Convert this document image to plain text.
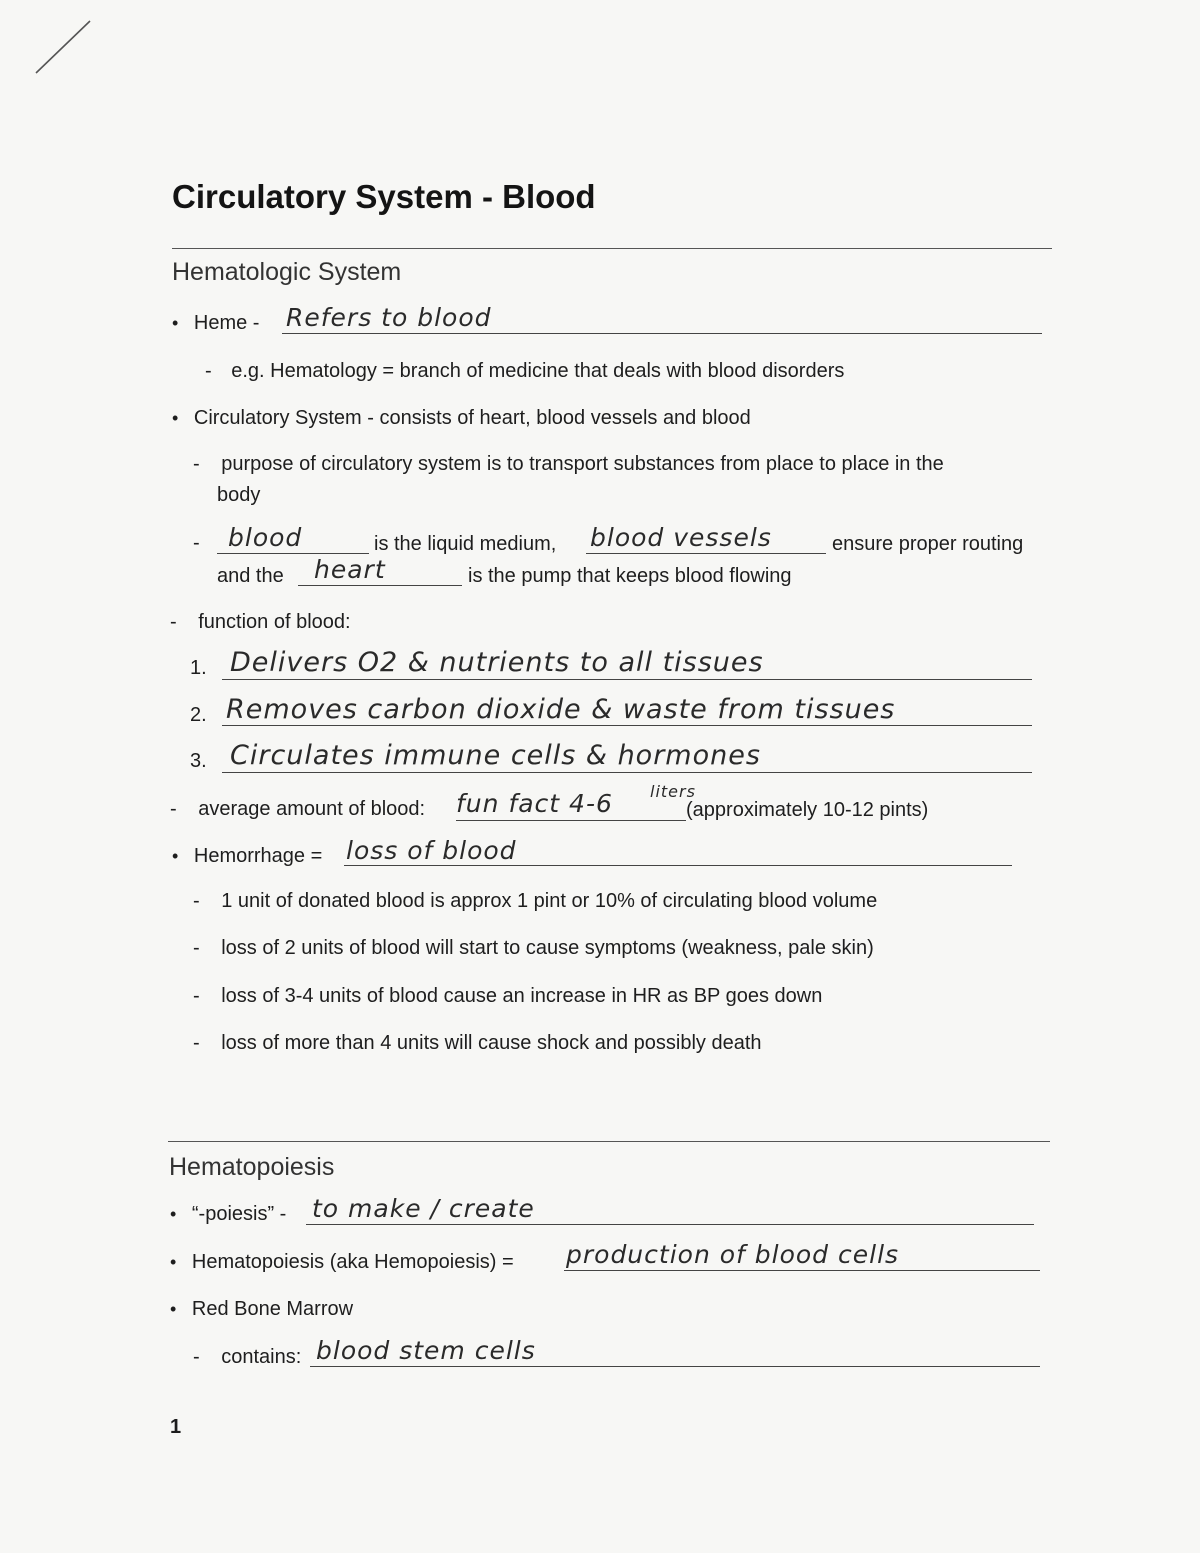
Circulatory System - Blood
Hematologic System
• Heme - Refers to blood
- e.g. Hematology = branch of medicine that deals with blood disorders
• Circulatory System - consists of heart, blood vessels and blood
- purpose of circulatory system is to transport substances from place to place in the
body
- blood	is the liquid medium, blood vessels	ensure proper routing
and the heart	is the pump that keeps blood flowing
- function of blood:
1. Delivers O2 & nutrients to all tissues
2. Removes carbon dioxide & waste from tissues
3. Circulates immune cells & hormones
- average amount of blood: fun fact 4-6 liters
(approximately 10-12 pints)
• Hemorrhage = loss of blood
- 1 unit of donated blood is approx 1 pint or 10% of circulating blood volume
- loss of 2 units of blood will start to cause symptoms (weakness, pale skin)
- loss of 3-4 units of blood cause an increase in HR as BP goes down
- loss of more than 4 units will cause shock and possibly death
Hematopoiesis
• “-poiesis” - to make / create
• Hematopoiesis (aka Hemopoiesis) = production of blood cells
• Red Bone Marrow
- contains: blood stem cells
1
